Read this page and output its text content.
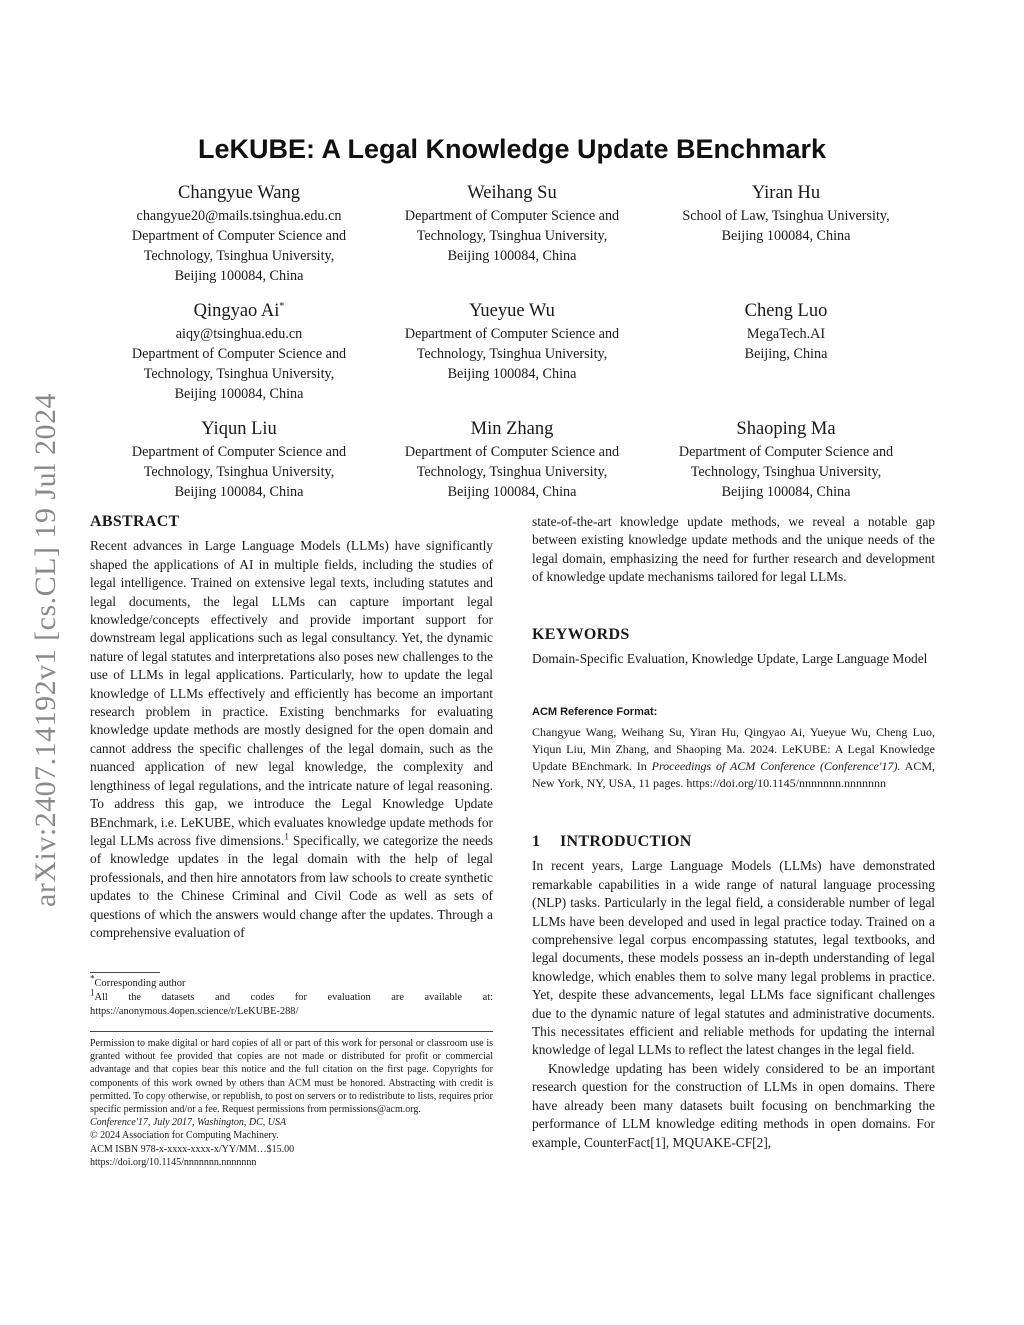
arXiv:2407.14192v1 [cs.CL] 19 Jul 2024
LeKUBE: A Legal Knowledge Update BEnchmark
Changyue Wang
changyue20@mails.tsinghua.edu.cn
Department of Computer Science and
Technology, Tsinghua University,
Beijing 100084, China
Weihang Su
Department of Computer Science and
Technology, Tsinghua University,
Beijing 100084, China
Yiran Hu
School of Law, Tsinghua University,
Beijing 100084, China
Qingyao Ai*
aiqy@tsinghua.edu.cn
Department of Computer Science and
Technology, Tsinghua University,
Beijing 100084, China
Yueyue Wu
Department of Computer Science and
Technology, Tsinghua University,
Beijing 100084, China
Cheng Luo
MegaTech.AI
Beijing, China
Yiqun Liu
Department of Computer Science and
Technology, Tsinghua University,
Beijing 100084, China
Min Zhang
Department of Computer Science and
Technology, Tsinghua University,
Beijing 100084, China
Shaoping Ma
Department of Computer Science and
Technology, Tsinghua University,
Beijing 100084, China
ABSTRACT

Recent advances in Large Language Models (LLMs) have significantly shaped the applications of AI in multiple fields, including the studies of legal intelligence. Trained on extensive legal texts, including statutes and legal documents, the legal LLMs can capture important legal knowledge/concepts effectively and provide important support for downstream legal applications such as legal consultancy. Yet, the dynamic nature of legal statutes and interpretations also poses new challenges to the use of LLMs in legal applications. Particularly, how to update the legal knowledge of LLMs effectively and efficiently has become an important research problem in practice. Existing benchmarks for evaluating knowledge update methods are mostly designed for the open domain and cannot address the specific challenges of the legal domain, such as the nuanced application of new legal knowledge, the complexity and lengthiness of legal regulations, and the intricate nature of legal reasoning. To address this gap, we introduce the Legal Knowledge Update BEnchmark, i.e. LeKUBE, which evaluates knowledge update methods for legal LLMs across five dimensions.$^1$ Specifically, we categorize the needs of knowledge updates in the legal domain with the help of legal professionals, and then hire annotators from law schools to create synthetic updates to the Chinese Criminal and Civil Code as well as sets of questions of which the answers would change after the updates. Through a comprehensive evaluation of

*Corresponding author

$^1$All the datasets and codes for evaluation are available at:

https://anonymous.4open.science/r/LeKUBE-288/

Permission to make digital or hard copies of all or part of this work for personal or classroom use is granted without fee provided that copies are not made or distributed for profit or commercial advantage and that copies bear this notice and the full citation on the first page. Copyrights for components of this work owned by others than ACM must be honored. Abstracting with credit is permitted. To copy otherwise, or republish, to post on servers or to redistribute to lists, requires prior specific permission and/or a fee. Request permissions from permissions@acm.org.

Conference'17, July 2017, Washington, DC, USA

© 2024 Association for Computing Machinery.

ACM ISBN 978-x-xxxx-xxxx-x/YY/MM…$15.00

https://doi.org/10.1145/nnnnnnn.nnnnnnn

state-of-the-art knowledge update methods, we reveal a notable gap between existing knowledge update methods and the unique needs of the legal domain, emphasizing the need for further research and development of knowledge update mechanisms tailored for legal LLMs.

KEYWORDS

Domain-Specific Evaluation, Knowledge Update, Large Language Model

ACM Reference Format:

Changyue Wang, Weihang Su, Yiran Hu, Qingyao Ai, Yueyue Wu, Cheng Luo, Yiqun Liu, Min Zhang, and Shaoping Ma. 2024. LeKUBE: A Legal Knowledge Update BEnchmark. In Proceedings of ACM Conference (Conference'17). ACM, New York, NY, USA, 11 pages. https://doi.org/10.1145/nnnnnnn.nnnnnnn

1 INTRODUCTION

In recent years, Large Language Models (LLMs) have demonstrated remarkable capabilities in a wide range of natural language processing (NLP) tasks. Particularly in the legal field, a considerable number of legal LLMs have been developed and used in legal practice today. Trained on a comprehensive legal corpus encompassing statutes, legal textbooks, and legal documents, these models possess an in-depth understanding of legal knowledge, which enables them to solve many legal problems in practice. Yet, despite these advancements, legal LLMs face significant challenges due to the dynamic nature of legal statutes and administrative documents. This necessitates efficient and reliable methods for updating the internal knowledge of legal LLMs to reflect the latest changes in the legal field.

Knowledge updating has been widely considered to be an important research question for the construction of LLMs in open domains. There have already been many datasets built focusing on benchmarking the performance of LLM knowledge editing methods in open domains. For example, CounterFact[1], MQUAKE-CF[2],
